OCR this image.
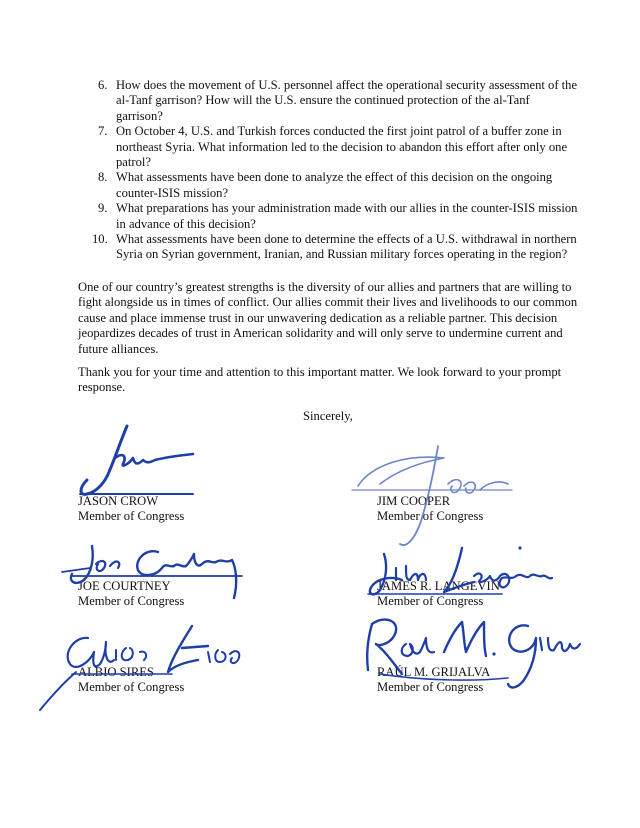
6. How does the movement of U.S. personnel affect the operational security assessment of the al-Tanf garrison? How will the U.S. ensure the continued protection of the al-Tanf garrison?
7. On October 4, U.S. and Turkish forces conducted the first joint patrol of a buffer zone in northeast Syria. What information led to the decision to abandon this effort after only one patrol?
8. What assessments have been done to analyze the effect of this decision on the ongoing counter-ISIS mission?
9. What preparations has your administration made with our allies in the counter-ISIS mission in advance of this decision?
10. What assessments have been done to determine the effects of a U.S. withdrawal in northern Syria on Syrian government, Iranian, and Russian military forces operating in the region?

One of our country’s greatest strengths is the diversity of our allies and partners that are willing to fight alongside us in times of conflict. Our allies commit their lives and livelihoods to our common cause and place immense trust in our unwavering dedication as a reliable partner. This decision jeopardizes decades of trust in American solidarity and will only serve to undermine current and future alliances.

Thank you for your time and attention to this important matter. We look forward to your prompt response.

Sincerely,
JASON CROW
Member of Congress
JIM COOPER
Member of Congress
JOE COURTNEY
Member of Congress
JAMES R. LANGEVIN
Member of Congress
ALBIO SIRES
Member of Congress
RAÚL M. GRIJALVA
Member of Congress
